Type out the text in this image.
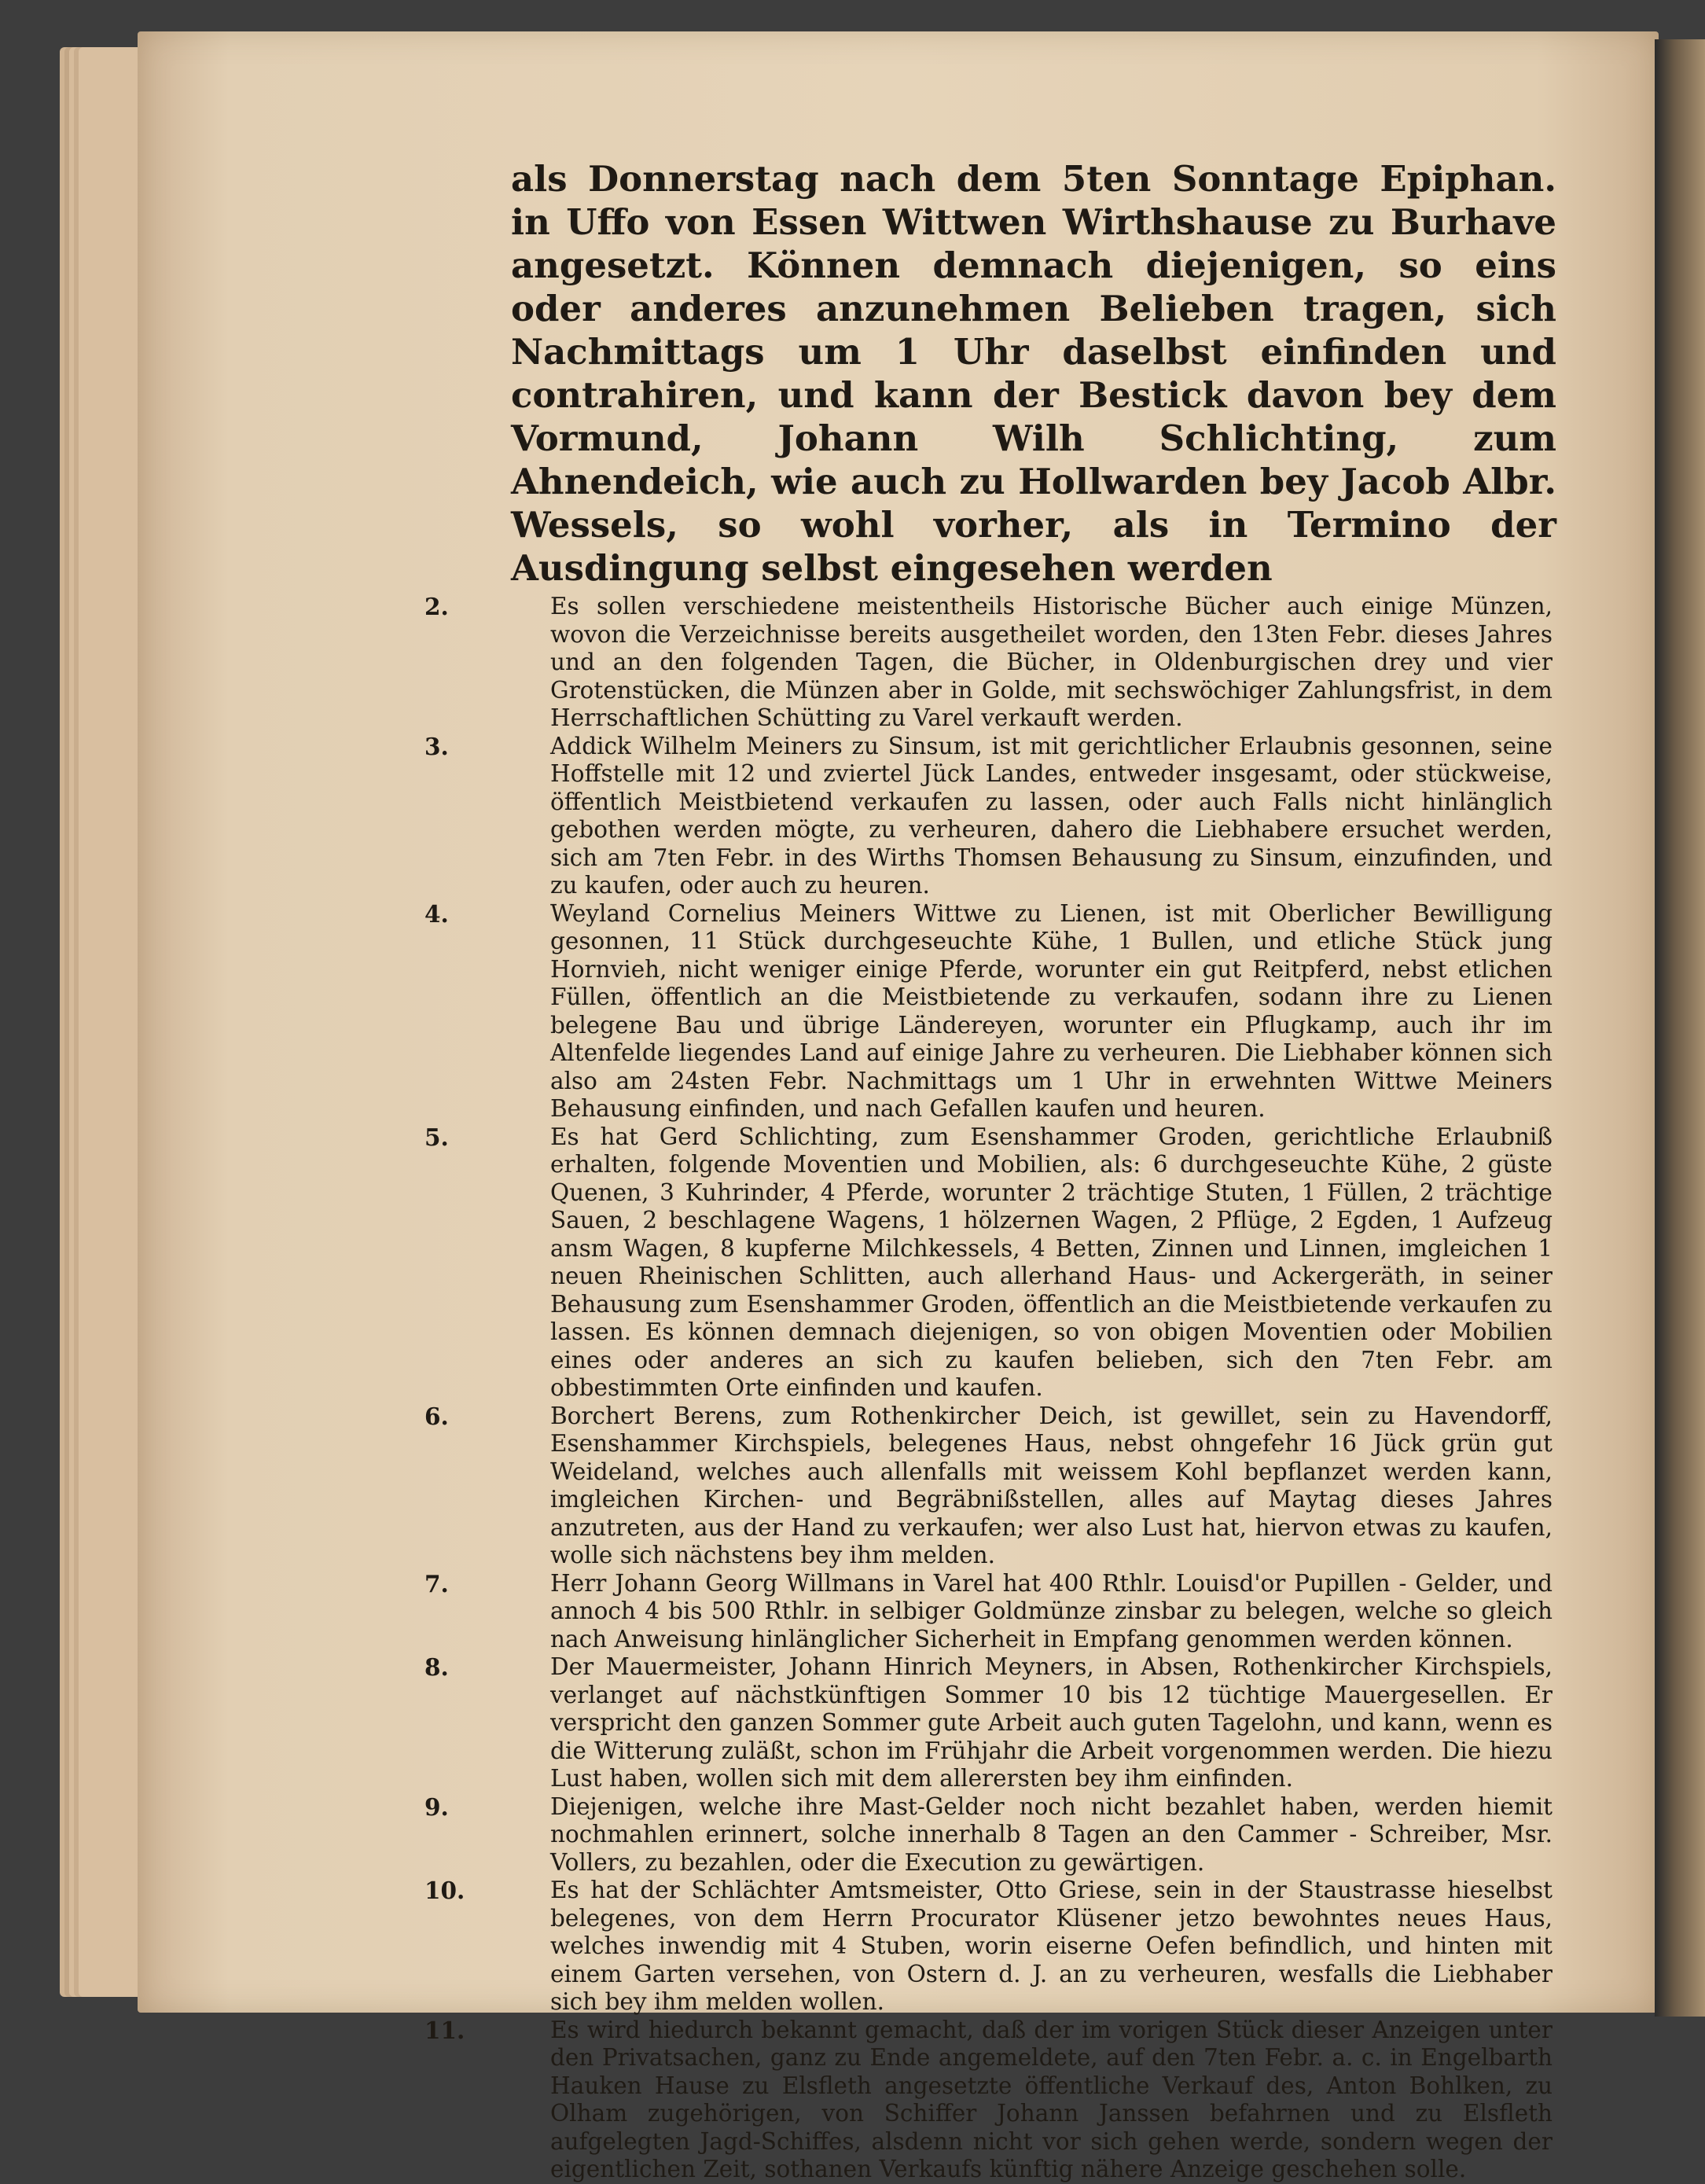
als Donnerstag nach dem 5ten Sonntage Epiphan. in Uffo von Essen Wittwen Wirthshause zu Burhave angesetzt. Können demnach diejenigen, so eins oder anderes anzunehmen Belieben tragen, sich Nachmittags um 1 Uhr daselbst einfinden und contrahiren, und kann der Bestick davon bey dem Vormund, Johann Wilh Schlichting, zum Ahnendeich, wie auch zu Hollwarden bey Jacob Albr. Wessels, so wohl vorher, als in Termino der Ausdingung selbst eingesehen werden

2.	Es sollen verschiedene meistentheils Historische Bücher auch einige Münzen, wovon die Verzeichnisse bereits ausgetheilet worden, den 13ten Febr. dieses Jahres und an den folgenden Tagen, die Bücher, in Oldenburgischen drey und vier Grotenstücken, die Münzen aber in Golde, mit sechswöchiger Zahlungsfrist, in dem Herrschaftlichen Schütting zu Varel verkauft werden.

3.	Addick Wilhelm Meiners zu Sinsum, ist mit gerichtlicher Erlaubnis gesonnen, seine Hoffstelle mit 12 und zviertel Jück Landes, entweder insgesamt, oder stückweise, öffentlich Meistbietend verkaufen zu lassen, oder auch Falls nicht hinlänglich gebothen werden mögte, zu verheuren, dahero die Liebhabere ersuchet werden, sich am 7ten Febr. in des Wirths Thomsen Behausung zu Sinsum, einzufinden, und zu kaufen, oder auch zu heuren.

4.	Weyland Cornelius Meiners Wittwe zu Lienen, ist mit Oberlicher Bewilligung gesonnen, 11 Stück durchgeseuchte Kühe, 1 Bullen, und etliche Stück jung Hornvieh, nicht weniger einige Pferde, worunter ein gut Reitpferd, nebst etlichen Füllen, öffentlich an die Meistbietende zu verkaufen, sodann ihre zu Lienen belegene Bau und übrige Ländereyen, worunter ein Pflugkamp, auch ihr im Altenfelde liegendes Land auf einige Jahre zu verheuren. Die Liebhaber können sich also am 24sten Febr. Nachmittags um 1 Uhr in erwehnten Wittwe Meiners Behausung einfinden, und nach Gefallen kaufen und heuren.

5.	Es hat Gerd Schlichting, zum Esenshammer Groden, gerichtliche Erlaubniß erhalten, folgende Moventien und Mobilien, als: 6 durchgeseuchte Kühe, 2 güste Quenen, 3 Kuhrinder, 4 Pferde, worunter 2 trächtige Stuten, 1 Füllen, 2 trächtige Sauen, 2 beschlagene Wagens, 1 hölzernen Wagen, 2 Pflüge, 2 Egden, 1 Aufzeug ansm Wagen, 8 kupferne Milchkessels, 4 Betten, Zinnen und Linnen, imgleichen 1 neuen Rheinischen Schlitten, auch allerhand Haus- und Ackergeräth, in seiner Behausung zum Esenshammer Groden, öffentlich an die Meistbietende verkaufen zu lassen. Es können demnach diejenigen, so von obigen Moventien oder Mobilien eines oder anderes an sich zu kaufen belieben, sich den 7ten Febr. am obbestimmten Orte einfinden und kaufen.

6.	Borchert Berens, zum Rothenkircher Deich, ist gewillet, sein zu Havendorff, Esenshammer Kirchspiels, belegenes Haus, nebst ohngefehr 16 Jück grün gut Weideland, welches auch allenfalls mit weissem Kohl bepflanzet werden kann, imgleichen Kirchen- und Begräbnißstellen, alles auf Maytag dieses Jahres anzutreten, aus der Hand zu verkaufen; wer also Lust hat, hiervon etwas zu kaufen, wolle sich nächstens bey ihm melden.

7.	Herr Johann Georg Willmans in Varel hat 400 Rthlr. Louisd'or Pupillen - Gelder, und annoch 4 bis 500 Rthlr. in selbiger Goldmünze zinsbar zu belegen, welche so gleich nach Anweisung hinlänglicher Sicherheit in Empfang genommen werden können.

8.	Der Mauermeister, Johann Hinrich Meyners, in Absen, Rothenkircher Kirchspiels, verlanget auf nächstkünftigen Sommer 10 bis 12 tüchtige Mauergesellen. Er verspricht den ganzen Sommer gute Arbeit auch guten Tagelohn, und kann, wenn es die Witterung zuläßt, schon im Frühjahr die Arbeit vorgenommen werden. Die hiezu Lust haben, wollen sich mit dem allerersten bey ihm einfinden.

9.	Diejenigen, welche ihre Mast-Gelder noch nicht bezahlet haben, werden hiemit nochmahlen erinnert, solche innerhalb 8 Tagen an den Cammer - Schreiber, Msr. Vollers, zu bezahlen, oder die Execution zu gewärtigen.

10.	Es hat der Schlächter Amtsmeister, Otto Griese, sein in der Staustrasse hieselbst belegenes, von dem Herrn Procurator Klüsener jetzo bewohntes neues Haus, welches inwendig mit 4 Stuben, worin eiserne Oefen befindlich, und hinten mit einem Garten versehen, von Ostern d. J. an zu verheuren, wesfalls die Liebhaber sich bey ihm melden wollen.

11.	Es wird hiedurch bekannt gemacht, daß der im vorigen Stück dieser Anzeigen unter den Privatsachen, ganz zu Ende angemeldete, auf den 7ten Febr. a. c. in Engelbarth Hauken Hause zu Elsfleth angesetzte öffentliche Verkauf des, Anton Bohlken, zu Olham zugehörigen, von Schiffer Johann Janssen befahrnen und zu Elsfleth aufgelegten Jagd-Schiffes, alsdenn nicht vor sich gehen werde, sondern wegen der eigentlichen Zeit, sothanen Verkaufs künftig nähere Anzeige geschehen solle.
